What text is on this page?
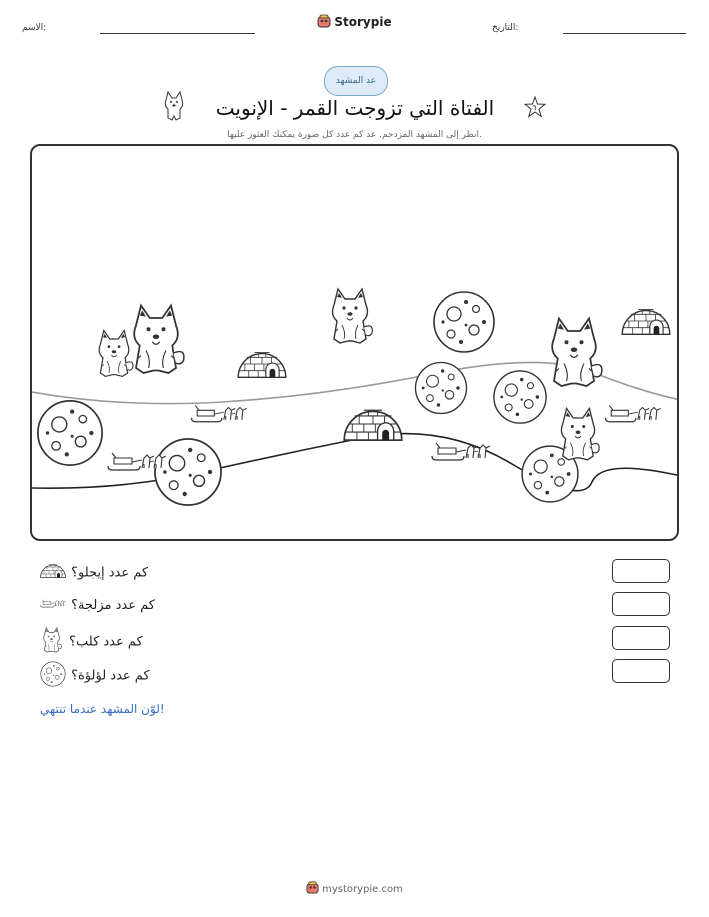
الاسم:	Storypie	التاريخ:
عد المشهد
الفتاة التي تزوجت القمر - الإنويت
انظر إلى المشهد المزدحم. عد كم عدد كل صورة يمكنك العثور عليها.
كم عدد إيجلو؟
كم عدد مزلجة؟
كم عدد كلب؟
كم عدد لؤلؤة؟
لوّن المشهد عندما تنتهي!
mystorypie.com
